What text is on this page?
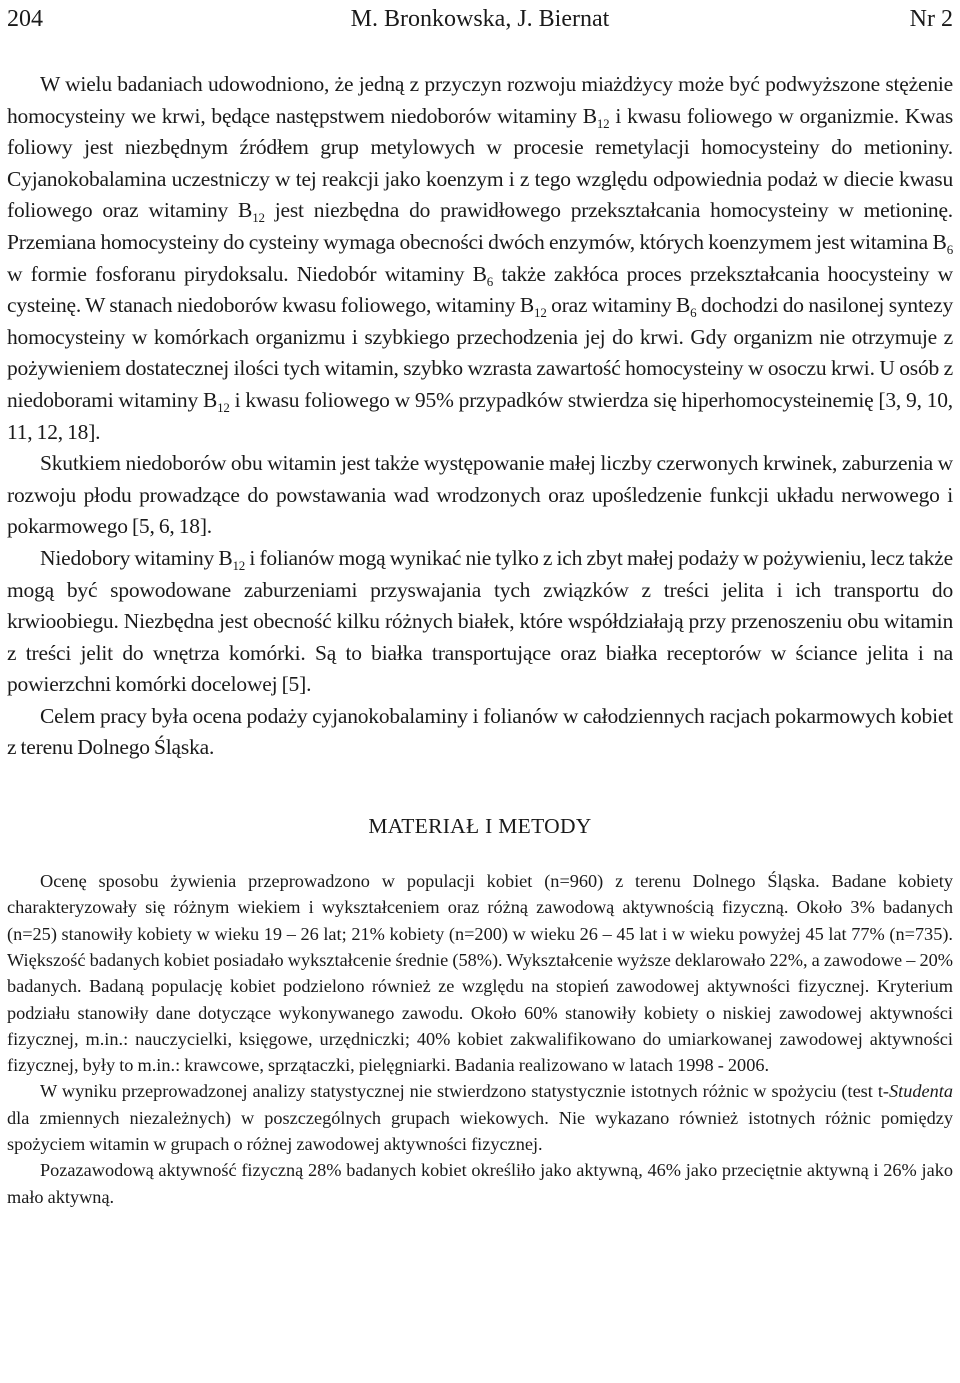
204	M. Bronkowska, J. Biernat	Nr 2

W wielu badaniach udowodniono, że jedną z przyczyn rozwoju miażdżycy może być podwyższone stężenie homocysteiny we krwi, będące następstwem niedoborów witaminy $B_{12}$ i kwasu foliowego w organizmie. Kwas foliowy jest niezbędnym źródłem grup metylowych w procesie remetylacji homocysteiny do metioniny. Cyjanokobalamina uczestniczy w tej reakcji jako koenzym i z tego względu odpowiednia podaż w diecie kwasu foliowego oraz witaminy $B_{12}$ jest niezbędna do prawidłowego przekształcania homocysteiny w metioninę. Przemiana homocysteiny do cysteiny wymaga obecności dwóch enzymów, których koenzymem jest witamina $B_6$ w formie fosforanu pirydoksalu. Niedobór witaminy $B_6$ także zakłóca proces przekształcania hoocysteiny w cysteinę. W stanach niedoborów kwasu foliowego, witaminy $B_{12}$ oraz witaminy $B_6$ dochodzi do nasilonej syntezy homocysteiny w komórkach organizmu i szybkiego przechodzenia jej do krwi. Gdy organizm nie otrzymuje z pożywieniem dostatecznej ilości tych witamin, szybko wzrasta zawartość homocysteiny w osoczu krwi. U osób z niedoborami witaminy $B_{12}$ i kwasu foliowego w 95% przypadków stwierdza się hiperhomocysteinemię [3, 9, 10, 11, 12, 18].

Skutkiem niedoborów obu witamin jest także występowanie małej liczby czerwonych krwinek, zaburzenia w rozwoju płodu prowadzące do powstawania wad wrodzonych oraz upośledzenie funkcji układu nerwowego i pokarmowego [5, 6, 18].

Niedobory witaminy $B_{12}$ i folianów mogą wynikać nie tylko z ich zbyt małej podaży w pożywieniu, lecz także mogą być spowodowane zaburzeniami przyswajania tych związków z treści jelita i ich transportu do krwioobiegu. Niezbędna jest obecność kilku różnych białek, które współdziałają przy przenoszeniu obu witamin z treści jelit do wnętrza komórki. Są to białka transportujące oraz białka receptorów w ściance jelita i na powierzchni komórki docelowej [5].

Celem pracy była ocena podaży cyjanokobalaminy i folianów w całodziennych racjach pokarmowych kobiet z terenu Dolnego Śląska.

MATERIAŁ I METODY

Ocenę sposobu żywienia przeprowadzono w populacji kobiet (n=960) z terenu Dolnego Śląska. Badane kobiety charakteryzowały się różnym wiekiem i wykształceniem oraz różną zawodową aktywnością fizyczną. Około 3% badanych (n=25) stanowiły kobiety w wieku 19 – 26 lat; 21% kobiety (n=200) w wieku 26 – 45 lat i w wieku powyżej 45 lat 77% (n=735). Większość badanych kobiet posiadało wykształcenie średnie (58%). Wykształcenie wyższe deklarowało 22%, a zawodowe – 20% badanych. Badaną populację kobiet podzielono również ze względu na stopień zawodowej aktywności fizycznej. Kryterium podziału stanowiły dane dotyczące wykonywanego zawodu. Około 60% stanowiły kobiety o niskiej zawodowej aktywności fizycznej, m.in.: nauczycielki, księgowe, urzędniczki; 40% kobiet zakwalifikowano do umiarkowanej zawodowej aktywności fizycznej, były to m.in.: krawcowe, sprzątaczki, pielęgniarki. Badania realizowano w latach 1998 - 2006.

W wyniku przeprowadzonej analizy statystycznej nie stwierdzono statystycznie istotnych różnic w spożyciu (test t-Studenta dla zmiennych niezależnych) w poszczególnych grupach wiekowych. Nie wykazano również istotnych różnic pomiędzy spożyciem witamin w grupach o różnej zawodowej aktywności fizycznej.

Pozazawodową aktywność fizyczną 28% badanych kobiet określiło jako aktywną, 46% jako przeciętnie aktywną i 26% jako mało aktywną.
